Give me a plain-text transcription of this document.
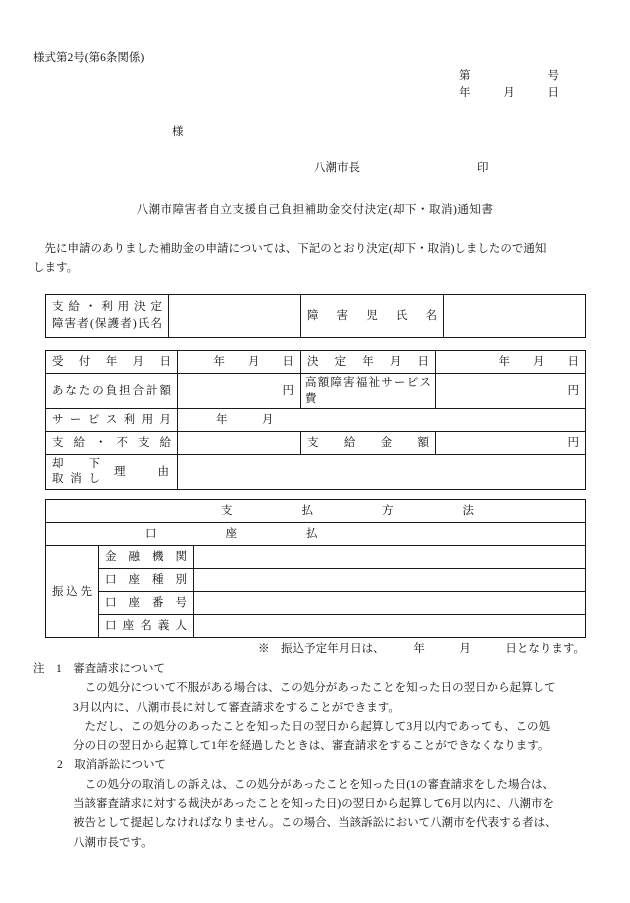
様式第2号(第6条関係)
第	号
年	月	日
様
八潮市長	印
八潮市障害者自立支援自己負担補助金交付決定(却下・取消)通知書
　先に申請のありました補助金の申請については、下記のとおり決定(却下・取消)しましたので通知
します。
支給・利用決定
障害者(保護者)氏名
		障害児氏名	
受付年月日	年　　月　　日	決定年月日	年　　月　　日
あなたの負担合計額	円	高額障害福祉サービス費	円
サービス利用月	年　　　月		
支給・不支給		支給金額	円

却下
取消し
理由			

支　　　　　　払　　　　　　方　　　　　　法		
口座払		
振込先	金融機関	
	口座種別	
	口座番号	
	口座名義人	
※　振込予定年月日は、　　　年　　　月　　　日となります。
注　1　審査請求について
　この処分について不服がある場合は、この処分があったことを知った日の翌日から起算して
3月以内に、八潮市長に対して審査請求をすることができます。
　ただし、この処分のあったことを知った日の翌日から起算して3月以内であっても、この処
分の日の翌日から起算して1年を経過したときは、審査請求をすることができなくなります。
2　取消訴訟について
　この処分の取消しの訴えは、この処分があったことを知った日(1の審査請求をした場合は、
当該審査請求に対する裁決があったことを知った日)の翌日から起算して6月以内に、八潮市を
被告として提起しなければなりません。この場合、当該訴訟において八潮市を代表する者は、
八潮市長です。
